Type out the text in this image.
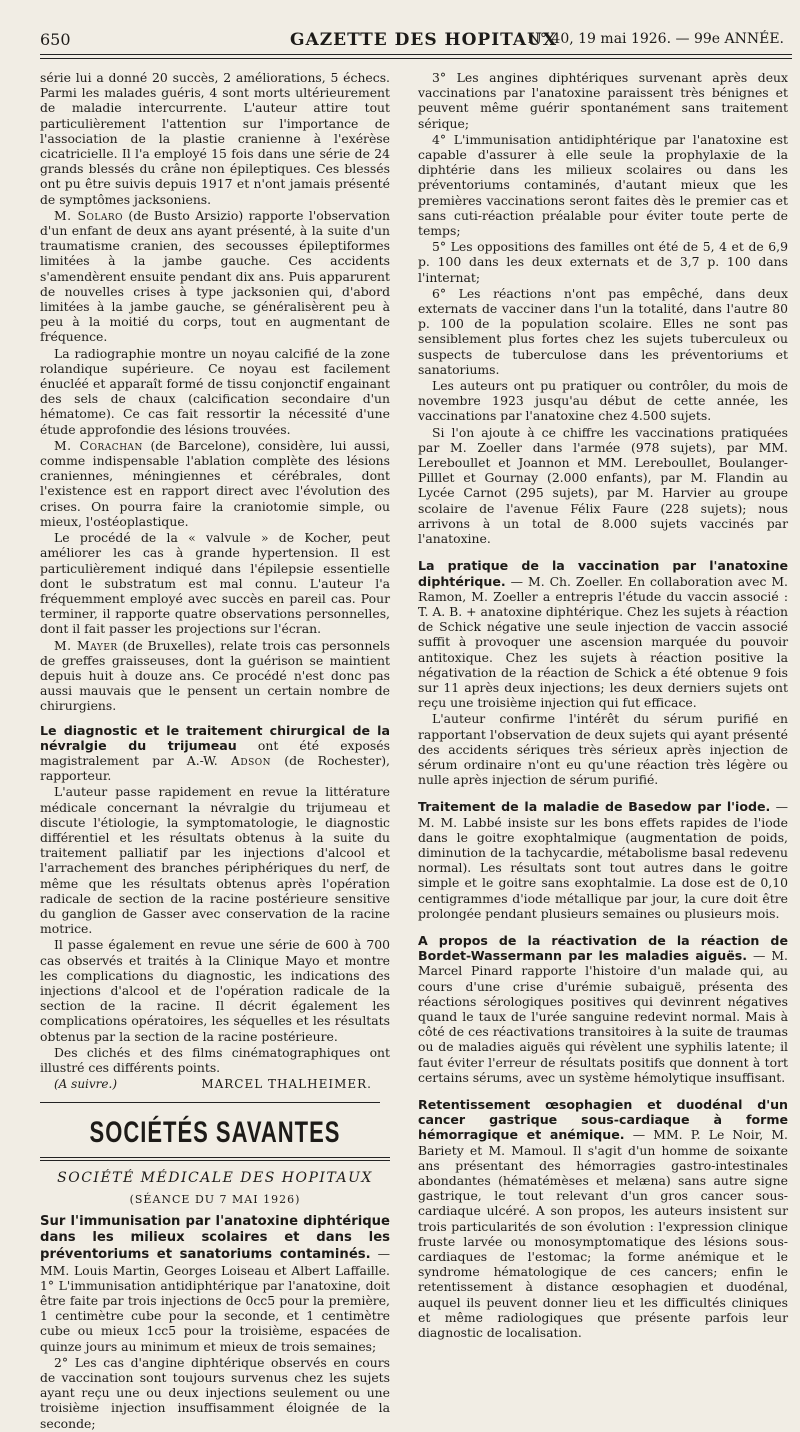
650	GAZETTE DES HOPITAUX
N° 40, 19 mai 1926. — 99e ANNÉE.

série lui a donné 20 succès, 2 améliorations, 5 échecs. Parmi les malades guéris, 4 sont morts ultérieurement de maladie intercurrente. L'auteur attire tout particulièrement l'attention sur l'importance de l'association de la plastie cranienne à l'exérèse cicatricielle. Il l'a employé 15 fois dans une série de 24 grands blessés du crâne non épileptiques. Ces blessés ont pu être suivis depuis 1917 et n'ont jamais présenté de symptômes jacksoniens.

M. Solaro (de Busto Arsizio) rapporte l'observation d'un enfant de deux ans ayant présenté, à la suite d'un traumatisme cranien, des secousses épileptiformes limitées à la jambe gauche. Ces accidents s'amendèrent ensuite pendant dix ans. Puis apparurent de nouvelles crises à type jacksonien qui, d'abord limitées à la jambe gauche, se généralisèrent peu à peu à la moitié du corps, tout en augmentant de fréquence.

La radiographie montre un noyau calcifié de la zone rolandique supérieure. Ce noyau est facilement énucléé et apparaît formé de tissu conjonctif engainant des sels de chaux (calcification secondaire d'un hématome). Ce cas fait ressortir la nécessité d'une étude approfondie des lésions trouvées.

M. Corachan (de Barcelone), considère, lui aussi, comme indispensable l'ablation complète des lésions craniennes, méningiennes et cérébrales, dont l'existence est en rapport direct avec l'évolution des crises. On pourra faire la craniotomie simple, ou mieux, l'ostéoplastique.

Le procédé de la « valvule » de Kocher, peut améliorer les cas à grande hypertension. Il est particulièrement indiqué dans l'épilepsie essentielle dont le substratum est mal connu. L'auteur l'a fréquemment employé avec succès en pareil cas. Pour terminer, il rapporte quatre observations personnelles, dont il fait passer les projections sur l'écran.

M. Mayer (de Bruxelles), relate trois cas personnels de greffes graisseuses, dont la guérison se maintient depuis huit à douze ans. Ce procédé n'est donc pas aussi mauvais que le pensent un certain nombre de chirurgiens.

Le diagnostic et le traitement chirurgical de la névralgie du trijumeau ont été exposés magistralement par A.-W. Adson (de Rochester), rapporteur.

L'auteur passe rapidement en revue la littérature médicale concernant la névralgie du trijumeau et discute l'étiologie, la symptomatologie, le diagnostic différentiel et les résultats obtenus à la suite du traitement palliatif par les injections d'alcool et l'arrachement des branches périphériques du nerf, de même que les résultats obtenus après l'opération radicale de section de la racine postérieure sensitive du ganglion de Gasser avec conservation de la racine motrice.

Il passe également en revue une série de 600 à 700 cas observés et traités à la Clinique Mayo et montre les complications du diagnostic, les indications des injections d'alcool et de l'opération radicale de la section de la racine. Il décrit également les complications opératoires, les séquelles et les résultats obtenus par la section de la racine postérieure.

Des clichés et des films cinématographiques ont illustré ces différents points.

(A suivre.)	MARCEL THALHEIMER.
SOCIÉTÉS SAVANTES
SOCIÉTÉ MÉDICALE DES HOPITAUX
(SÉANCE DU 7 MAI 1926)

Sur l'immunisation par l'anatoxine diphtérique dans les milieux scolaires et dans les préventoriums et sanatoriums contaminés. — MM. Louis Martin, Georges Loiseau et Albert Laffaille. 1° L'immunisation antidiphtérique par l'anatoxine, doit être faite par trois injections de 0cc5 pour la première, 1 centimètre cube pour la seconde, et 1 centimètre cube ou mieux 1cc5 pour la troisième, espacées de quinze jours au minimum et mieux de trois semaines;

2° Les cas d'angine diphtérique observés en cours de vaccination sont toujours survenus chez les sujets ayant reçu une ou deux injections seulement ou une troisième injection insuffisamment éloignée de la seconde;

3° Les angines diphtériques survenant après deux vaccinations par l'anatoxine paraissent très bénignes et peuvent même guérir spontanément sans traitement sérique;

4° L'immunisation antidiphtérique par l'anatoxine est capable d'assurer à elle seule la prophylaxie de la diphtérie dans les milieux scolaires ou dans les préventoriums contaminés, d'autant mieux que les premières vaccinations seront faites dès le premier cas et sans cuti-réaction préalable pour éviter toute perte de temps;

5° Les oppositions des familles ont été de 5, 4 et de 6,9 p. 100 dans les deux externats et de 3,7 p. 100 dans l'internat;

6° Les réactions n'ont pas empêché, dans deux externats de vacciner dans l'un la totalité, dans l'autre 80 p. 100 de la population scolaire. Elles ne sont pas sensiblement plus fortes chez les sujets tuberculeux ou suspects de tuberculose dans les préventoriums et sanatoriums.

Les auteurs ont pu pratiquer ou contrôler, du mois de novembre 1923 jusqu'au début de cette année, les vaccinations par l'anatoxine chez 4.500 sujets.

Si l'on ajoute à ce chiffre les vaccinations pratiquées par M. Zoeller dans l'armée (978 sujets), par MM. Lereboullet et Joannon et MM. Lereboullet, Boulanger-Pilllet et Gournay (2.000 enfants), par M. Flandin au Lycée Carnot (295 sujets), par M. Harvier au groupe scolaire de l'avenue Félix Faure (228 sujets); nous arrivons à un total de 8.000 sujets vaccinés par l'anatoxine.

La pratique de la vaccination par l'anatoxine diphtérique. — M. Ch. Zoeller. En collaboration avec M. Ramon, M. Zoeller a entrepris l'étude du vaccin associé : T. A. B. + anatoxine diphtérique. Chez les sujets à réaction de Schick négative une seule injection de vaccin associé suffit à provoquer une ascension marquée du pouvoir antitoxique. Chez les sujets à réaction positive la négativation de la réaction de Schick a été obtenue 9 fois sur 11 après deux injections; les deux derniers sujets ont reçu une troisième injection qui fut efficace.

L'auteur confirme l'intérêt du sérum purifié en rapportant l'observation de deux sujets qui ayant présenté des accidents sériques très sérieux après injection de sérum ordinaire n'ont eu qu'une réaction très légère ou nulle après injection de sérum purifié.

Traitement de la maladie de Basedow par l'iode. — M. M. Labbé insiste sur les bons effets rapides de l'iode dans le goitre exophtalmique (augmentation de poids, diminution de la tachycardie, métabolisme basal redevenu normal). Les résultats sont tout autres dans le goitre simple et le goitre sans exophtalmie. La dose est de 0,10 centigrammes d'iode métallique par jour, la cure doit être prolongée pendant plusieurs semaines ou plusieurs mois.

A propos de la réactivation de la réaction de Bordet-Wassermann par les maladies aiguës. — M. Marcel Pinard rapporte l'histoire d'un malade qui, au cours d'une crise d'urémie subaiguë, présenta des réactions sérologiques positives qui devinrent négatives quand le taux de l'urée sanguine redevint normal. Mais à côté de ces réactivations transitoires à la suite de traumas ou de maladies aiguës qui révèlent une syphilis latente; il faut éviter l'erreur de résultats positifs que donnent à tort certains sérums, avec un système hémolytique insuffisant.

Retentissement œsophagien et duodénal d'un cancer gastrique sous-cardiaque à forme hémorragique et anémique. — MM. P. Le Noir, M. Bariety et M. Mamoul. Il s'agit d'un homme de soixante ans présentant des hémorragies gastro-intestinales abondantes (hématémèses et melæna) sans autre signe gastrique, le tout relevant d'un gros cancer sous-cardiaque ulcéré. A son propos, les auteurs insistent sur trois particularités de son évolution : l'expression clinique fruste larvée ou monosymptomatique des lésions sous-cardiaques de l'estomac; la forme anémique et le syndrome hématologique de ces cancers; enfin le retentissement à distance œsophagien et duodénal, auquel ils peuvent donner lieu et les difficultés cliniques et même radiologiques que présente parfois leur diagnostic de localisation.
